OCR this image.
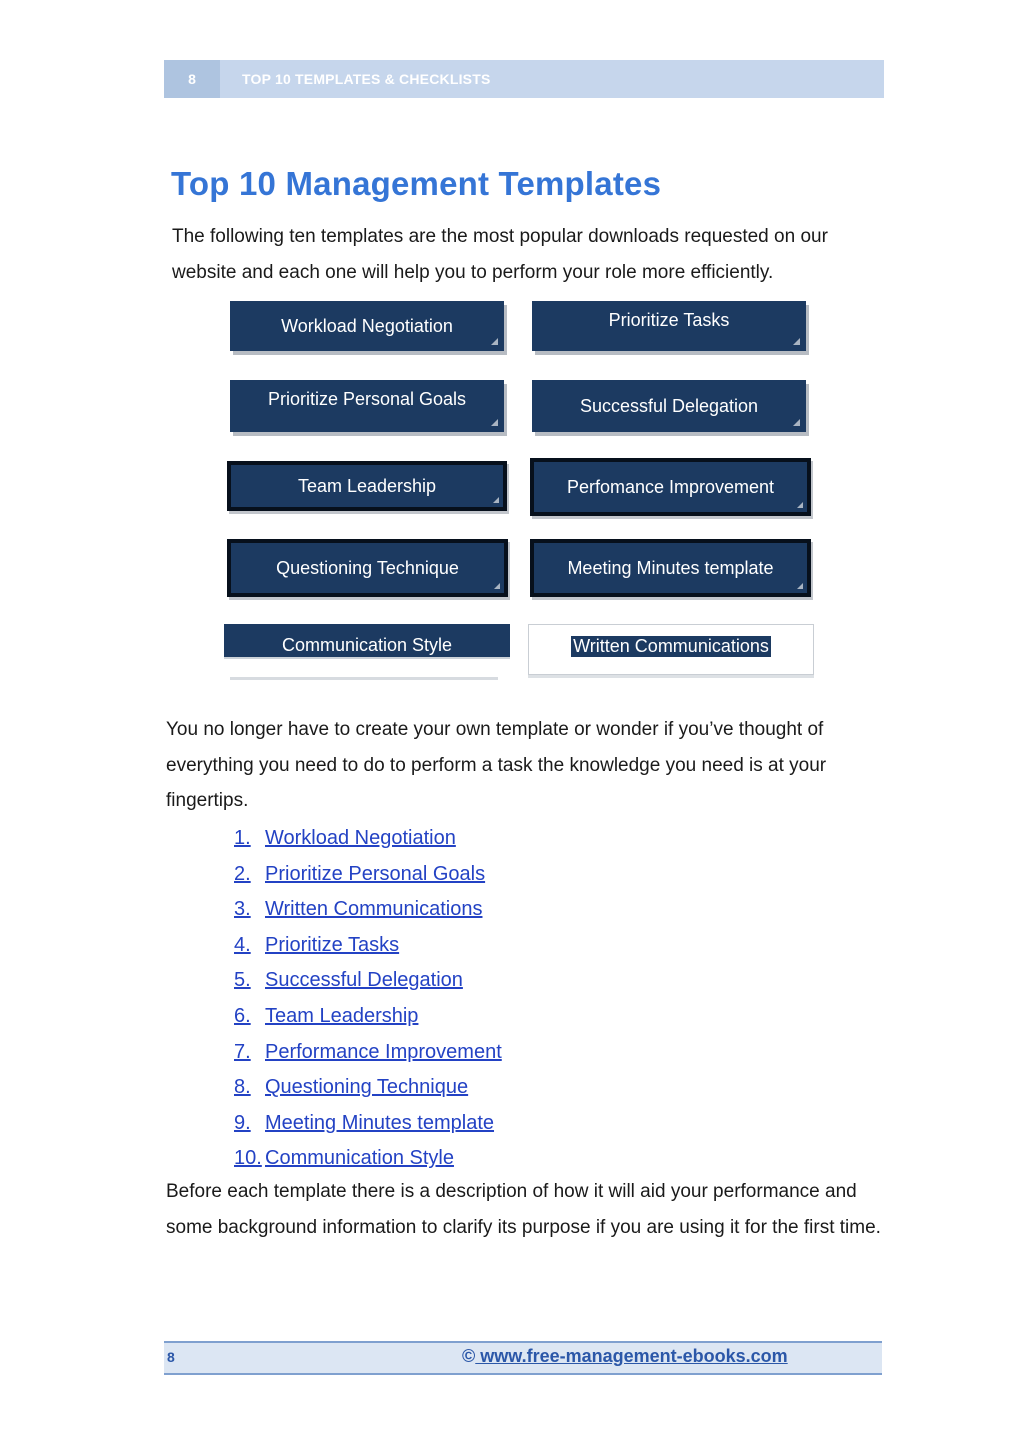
8	TOP 10 TEMPLATES & CHECKLISTS
Top 10 Management Templates

The following ten templates are the most popular downloads requested on our website and each one will help you to perform your role more efficiently.

Workload Negotiation	Prioritize Tasks
Prioritize Personal Goals	Successful Delegation
Team Leadership	Perfomance Improvement
Questioning Technique	Meeting Minutes template
Communication Style	Written Communications

You no longer have to create your own template or wonder if you’ve thought of everything you need to do to perform a task the knowledge you need is at your fingertips.

1. Workload Negotiation
2. Prioritize Personal Goals
3. Written Communications
4. Prioritize Tasks
5. Successful Delegation
6. Team Leadership
7. Performance Improvement
8. Questioning Technique
9. Meeting Minutes template
10. Communication Style

Before each template there is a description of how it will aid your performance and some background information to clarify its purpose if you are using it for the first time.

8	© www.free-management-ebooks.com
